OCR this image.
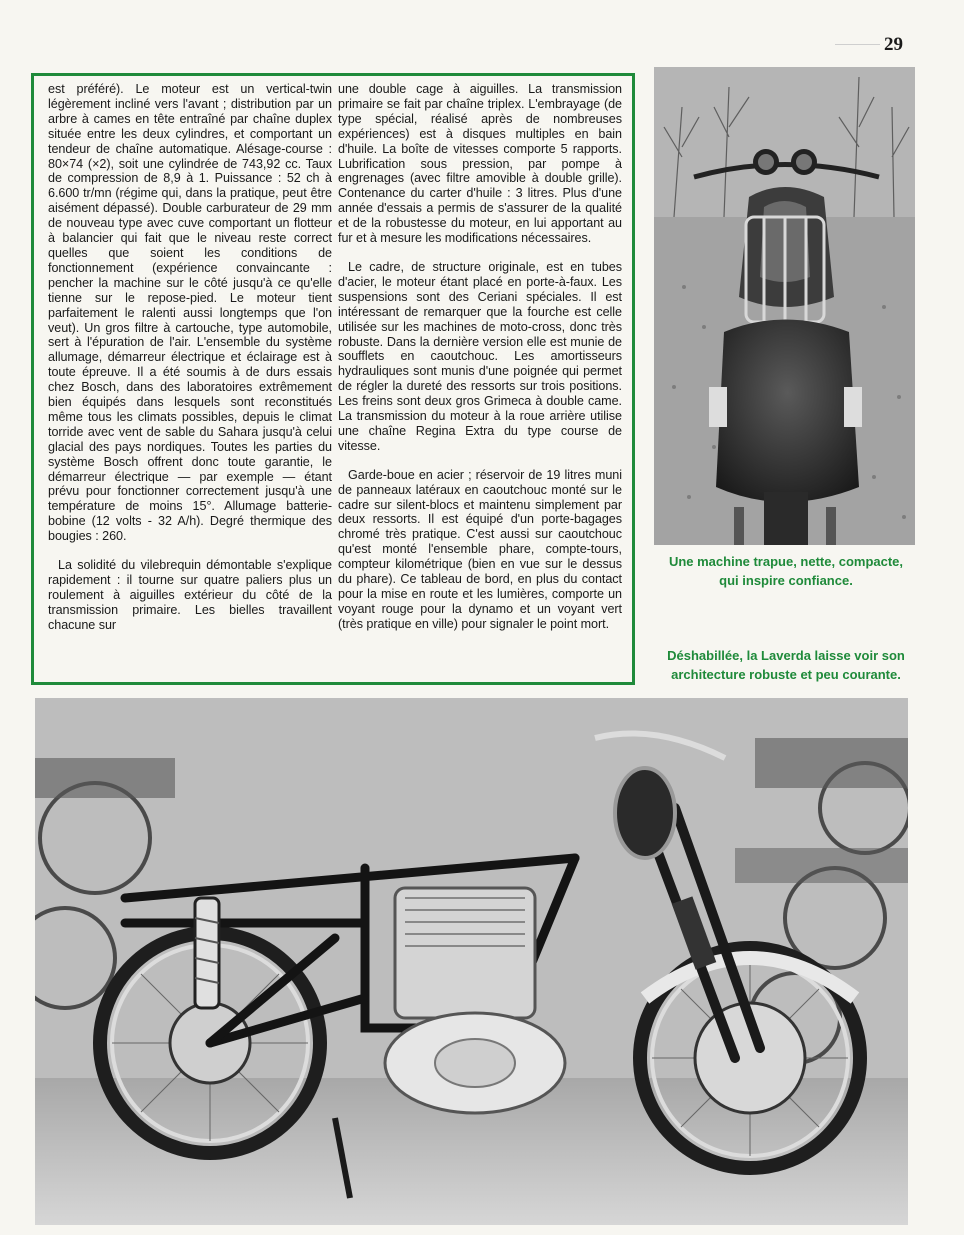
29

est préféré). Le moteur est un vertical-twin légèrement incliné vers l'avant ; distribution par un arbre à cames en tête entraîné par chaîne duplex située entre les deux cylindres, et comportant un tendeur de chaîne automatique. Alésage-course : 80×74 (×2), soit une cylindrée de 743,92 cc. Taux de compression de 8,9 à 1. Puissance : 52 ch à 6.600 tr/mn (régime qui, dans la pratique, peut être aisément dépassé). Double carburateur de 29 mm de nouveau type avec cuve comportant un flotteur à balancier qui fait que le niveau reste correct quelles que soient les conditions de fonctionnement (expérience convaincante : pencher la machine sur le côté jusqu'à ce qu'elle tienne sur le repose-pied. Le moteur tient parfaitement le ralenti aussi longtemps que l'on veut). Un gros filtre à cartouche, type automobile, sert à l'épuration de l'air. L'ensemble du système allumage, démarreur électrique et éclairage est à toute épreuve. Il a été soumis à de durs essais chez Bosch, dans des laboratoires extrêmement bien équipés dans lesquels sont reconstitués même tous les climats possibles, depuis le climat torride avec vent de sable du Sahara jusqu'à celui glacial des pays nordiques. Toutes les parties du système Bosch offrent donc toute garantie, le démarreur électrique — par exemple — étant prévu pour fonctionner correctement jusqu'à une température de moins 15°. Allumage batterie-bobine (12 volts - 32 A/h). Degré thermique des bougies : 260.

La solidité du vilebrequin démontable s'explique rapidement : il tourne sur quatre paliers plus un roulement à aiguilles extérieur du côté de la transmission primaire. Les bielles travaillent chacune sur

une double cage à aiguilles. La transmission primaire se fait par chaîne triplex. L'embrayage (de type spécial, réalisé après de nombreuses expériences) est à disques multiples en bain d'huile. La boîte de vitesses comporte 5 rapports. Lubrification sous pression, par pompe à engrenages (avec filtre amovible à double grille). Contenance du carter d'huile : 3 litres. Plus d'une année d'essais a permis de s'assurer de la qualité et de la robustesse du moteur, en lui apportant au fur et à mesure les modifications nécessaires.

Le cadre, de structure originale, est en tubes d'acier, le moteur étant placé en porte-à-faux. Les suspensions sont des Ceriani spéciales. Il est intéressant de remarquer que la fourche est celle utilisée sur les machines de moto-cross, donc très robuste. Dans la dernière version elle est munie de soufflets en caoutchouc. Les amortisseurs hydrauliques sont munis d'une poignée qui permet de régler la dureté des ressorts sur trois positions. Les freins sont deux gros Grimeca à double came. La transmission du moteur à la roue arrière utilise une chaîne Regina Extra du type course de vitesse.

Garde-boue en acier ; réservoir de 19 litres muni de panneaux latéraux en caoutchouc monté sur le cadre sur silent-blocs et maintenu simplement par deux ressorts. Il est équipé d'un porte-bagages chromé très pratique. C'est aussi sur caoutchouc qu'est monté l'ensemble phare, compte-tours, compteur kilométrique (bien en vue sur le dessus du phare). Ce tableau de bord, en plus du contact pour la mise en route et les lumières, comporte un voyant rouge pour la dynamo et un voyant vert (très pratique en ville) pour signaler le point mort.

Une machine trapue, nette, compacte, qui inspire confiance.
Déshabillée, la Laverda laisse voir son architecture robuste et peu courante.
